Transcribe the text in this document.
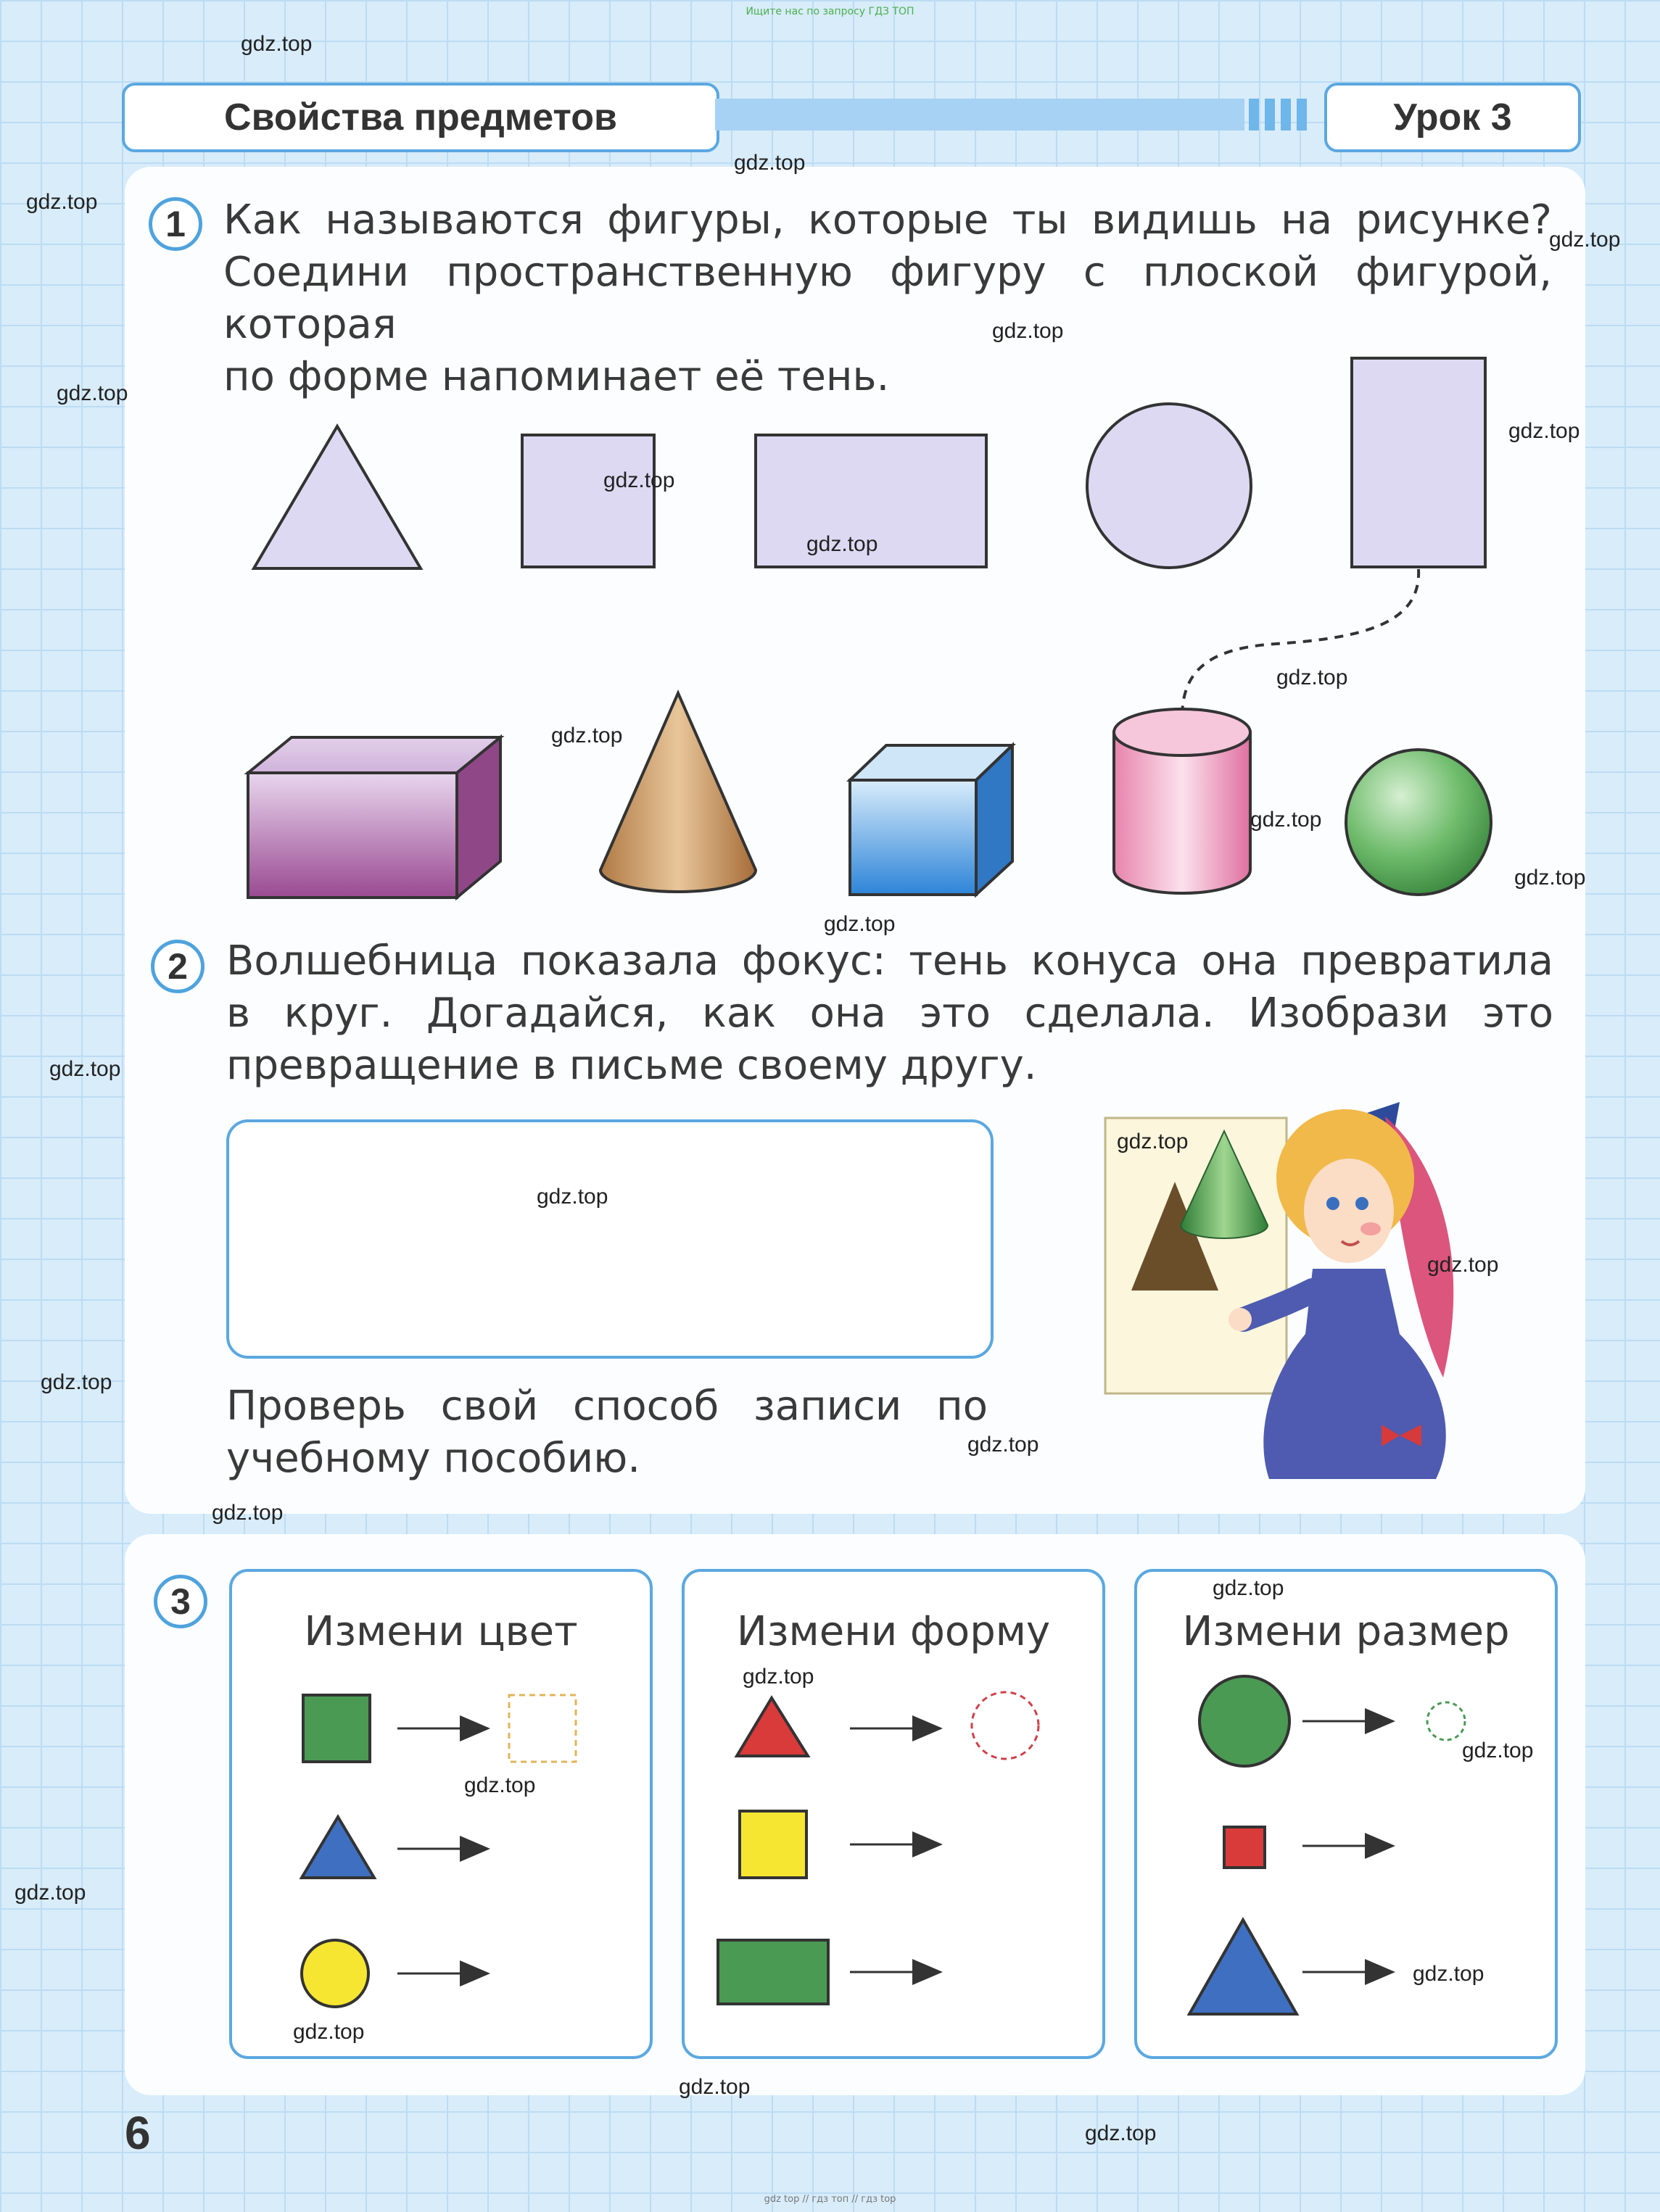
Ищите нас по запросу ГДЗ ТОП
Свойства предметов	Урок 3
1 Как называются фигуры, которые ты видишь на рисунке?
Соедини пространственную фигуру с плоской фигурой, которая
по форме напоминает её тень.
2 Волшебница показала фокус: тень конуса она превратила
в круг. Догадайся, как она это сделала. Изобрази это
превращение в письме своему другу.
Проверь свой способ записи по
учебному пособию.
3
Измени цвет	Измени форму	Измени размер
gdz.top
gdz.top
gdz.top
gdz.top
gdz.top
gdz.top
gdz.top
gdz.top
gdz.top
gdz.top
gdz.top
gdz.top
gdz.top
gdz.top
gdz.top
gdz.top
gdz.top
gdz.top
gdz.top
gdz.top
gdz.top
gdz.top
gdz.top
gdz.top
gdz.top
gdz.top
gdz.top
gdz.top
gdz.top
gdz.top
6
gdz top // гдз топ // гдз top
